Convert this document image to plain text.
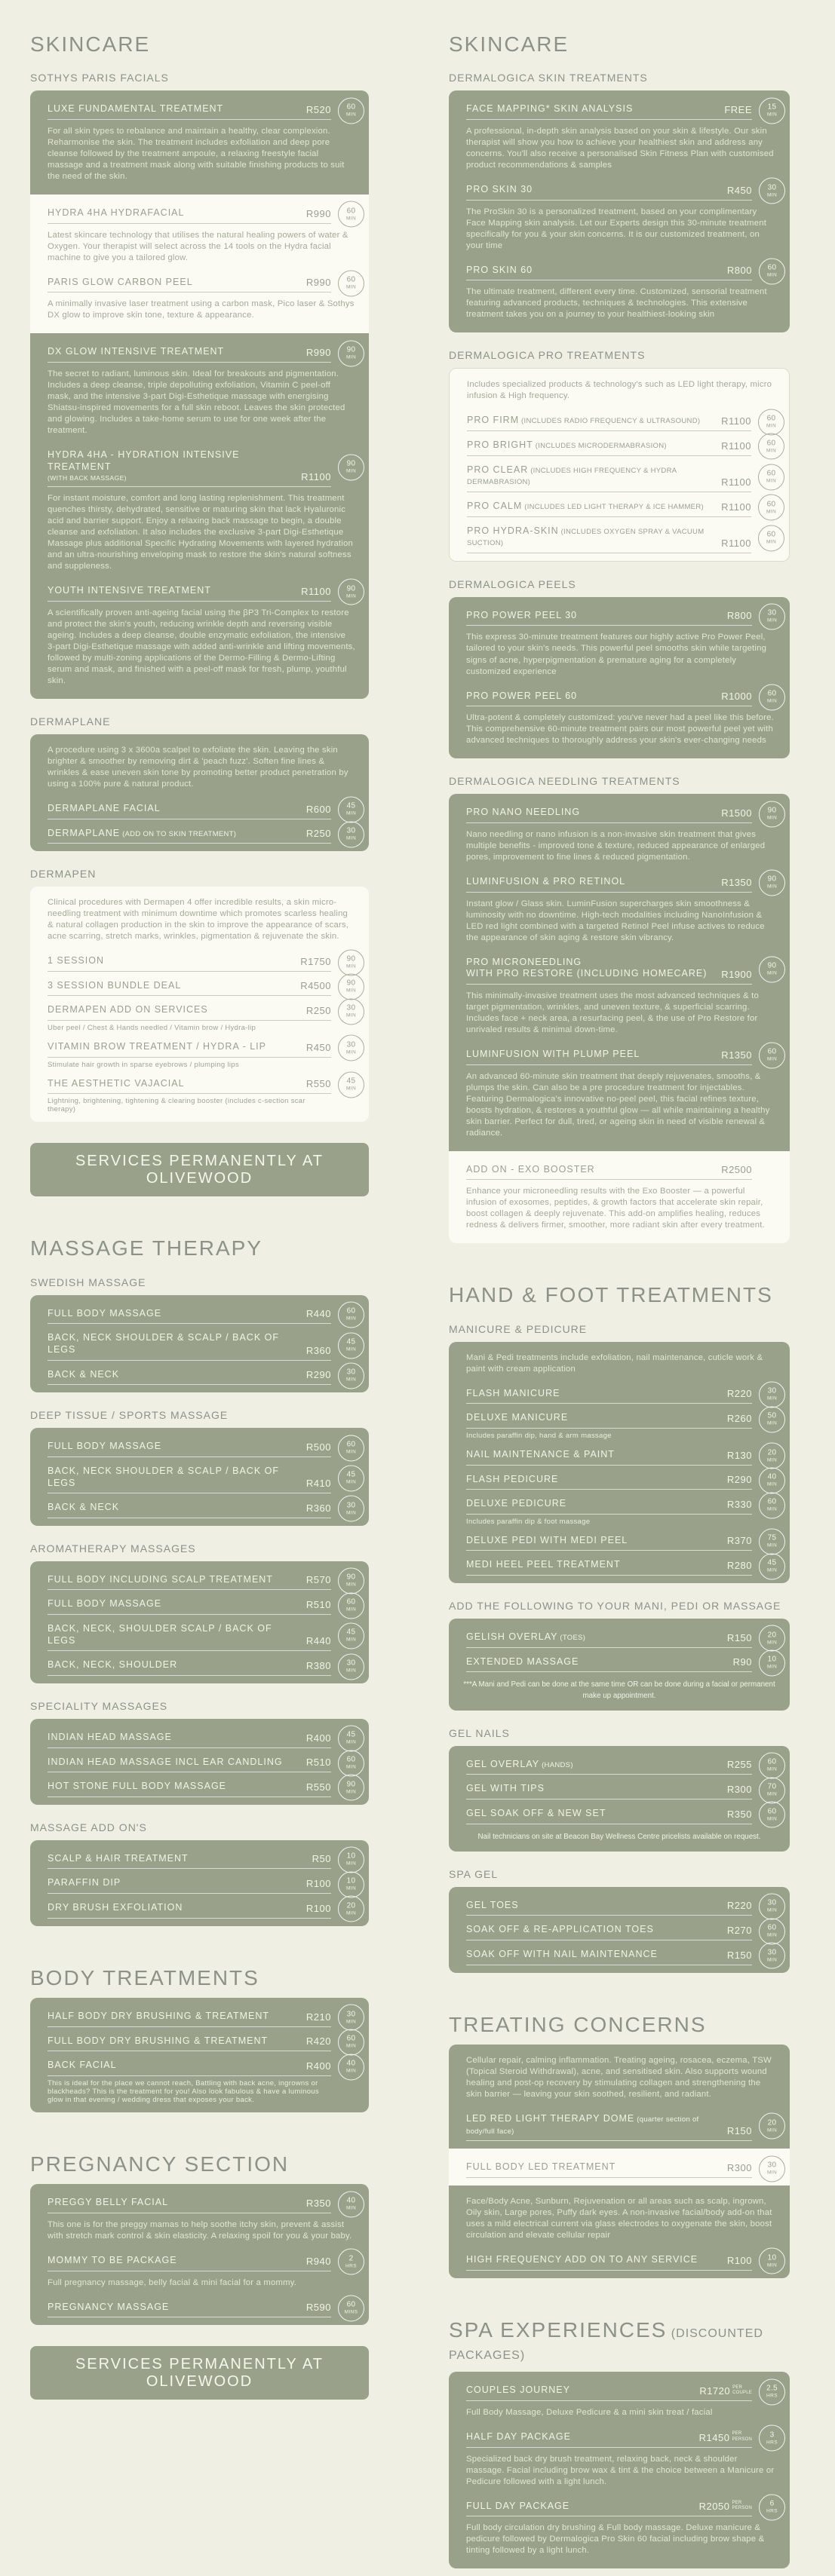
SKINCARE
SOTHYS PARIS FACIALS
LUXE FUNDAMENTAL TREATMENT	R520 60
MIN

For all skin types to rebalance and maintain a healthy, clear complexion. Reharmonise the skin. The treatment includes exfoliation and deep pore cleanse followed by the treatment ampoule, a relaxing freestyle facial massage and a treatment mask along with suitable finishing products to suit the need of the skin.

HYDRA 4HA HYDRAFACIAL	R990 60
MIN

Latest skincare technology that utilises the natural healing powers of water & Oxygen. Your therapist will select across the 14 tools on the Hydra facial machine to give you a tailored glow.

PARIS GLOW CARBON PEEL	R990 60
MIN

A minimally invasive laser treatment using a carbon mask, Pico laser & Sothys DX glow to improve skin tone, texture & appearance.

DX GLOW INTENSIVE TREATMENT	R990 90
MIN

The secret to radiant, luminous skin. Ideal for breakouts and pigmentation. Includes a deep cleanse, triple depolluting exfoliation, Vitamin C peel-off mask, and the intensive 3-part Digi-Esthetique massage with energising Shiatsu-inspired movements for a full skin reboot. Leaves the skin protected and glowing. Includes a take-home serum to use for one week after the treatment.

HYDRA 4HA - HYDRATION INTENSIVE TREATMENT
(WITH BACK MASSAGE)	R1100
90
MIN

For instant moisture, comfort and long lasting replenishment. This treatment quenches thirsty, dehydrated, sensitive or maturing skin that lack Hyaluronic acid and barrier support. Enjoy a relaxing back massage to begin, a double cleanse and exfoliation. It also includes the exclusive 3-part Digi-Esthetique Massage plus additional Specific Hydrating Movements with layered hydration and an ultra-nourishing enveloping mask to restore the skin's natural softness and suppleness.

YOUTH INTENSIVE TREATMENT	R1100 90
MIN

A scientifically proven anti-ageing facial using the βP3 Tri-Complex to restore and protect the skin's youth, reducing wrinkle depth and reversing visible ageing. Includes a deep cleanse, double enzymatic exfoliation, the intensive 3-part Digi-Esthetique massage with added anti-wrinkle and lifting movements, followed by multi-zoning applications of the Dermo-Filling & Dermo-Lifting serum and mask, and finished with a peel-off mask for fresh, plump, youthful skin.

DERMAPLANE

A procedure using 3 x 3600a scalpel to exfoliate the skin. Leaving the skin brighter & smoother by removing dirt & 'peach fuzz'. Soften fine lines & wrinkles & ease uneven skin tone by promoting better product penetration by using a 100% pure & natural product.

DERMAPLANE FACIAL	R600 45
MIN
DERMAPLANE (ADD ON TO SKIN TREATMENT)	R250 30
MIN
DERMAPEN

Clinical procedures with Dermapen 4 offer incredible results, a skin micro- needling treatment with minimum downtime which promotes scarless healing & natural collagen production in the skin to improve the appearance of scars, acne scarring, stretch marks, wrinkles, pigmentation & rejuvenate the skin.

1 SESSION	R1750 90
MIN
3 SESSION BUNDLE DEAL	R4500 90
MIN
DERMAPEN ADD ON SERVICES	R250 30
MIN
Uber peel / Chest & Hands needled / Vitamin brow / Hydra-lip
VITAMIN BROW TREATMENT / HYDRA - LIP	R450 30
MIN
Stimulate hair growth in sparse eyebrows / plumping lips
THE AESTHETIC VAJACIAL	R550 45
MIN
Lightning, brightening, tightening & clearing booster (includes c-section scar therapy)
SERVICES PERMANENTLY AT OLIVEWOOD
MASSAGE THERAPY
SWEDISH MASSAGE
FULL BODY MASSAGE	R440 60
MIN
BACK, NECK SHOULDER & SCALP / BACK OF LEGS	R360
45
MIN
BACK & NECK	R290 30
MIN
DEEP TISSUE / SPORTS MASSAGE
FULL BODY MASSAGE	R500 60
MIN
BACK, NECK SHOULDER & SCALP / BACK OF LEGS	R410
45
MIN
BACK & NECK	R360 30
MIN
AROMATHERAPY MASSAGES
FULL BODY INCLUDING SCALP TREATMENT	R570 90
MIN
FULL BODY MASSAGE	R510 60
MIN
BACK, NECK, SHOULDER SCALP / BACK OF LEGS	R440
45
MIN
BACK, NECK, SHOULDER	R380 30
MIN
SPECIALITY MASSAGES
INDIAN HEAD MASSAGE	R400 45
MIN
INDIAN HEAD MASSAGE INCL EAR CANDLING R510 60
MIN
HOT STONE FULL BODY MASSAGE	R550 90
MIN
MASSAGE ADD ON'S
SCALP & HAIR TREATMENT	R50 10
MIN
PARAFFIN DIP	R100 10
MIN
DRY BRUSH EXFOLIATION	R100 20
MIN
BODY TREATMENTS
HALF BODY DRY BRUSHING & TREATMENT	R210 30
MIN
FULL BODY DRY BRUSHING & TREATMENT	R420 60
MIN
BACK FACIAL	R400 40
MIN
This is ideal for the place we cannot reach, Battling with back acne, ingrowns or blackheads? This is the treatment for you! Also look fabulous & have a luminous glow in that evening / wedding dress that exposes your back.
PREGNANCY SECTION
PREGGY BELLY FACIAL	R350 40
MIN

This one is for the preggy mamas to help soothe itchy skin, prevent & assist with stretch mark control & skin elasticity. A relaxing spoil for you & your baby.

MOMMY TO BE PACKAGE	R940 2
HRS

Full pregnancy massage, belly facial & mini facial for a mommy.

PREGNANCY MASSAGE	R590 60
MINS
SERVICES PERMANENTLY AT OLIVEWOOD
SKINCARE
DERMALOGICA SKIN TREATMENTS
FACE MAPPING* SKIN ANALYSIS	FREE 15
MIN

A professional, in-depth skin analysis based on your skin & lifestyle. Our skin therapist will show you how to achieve your healthiest skin and address any concerns. You'll also receive a personalised Skin Fitness Plan with customised product recommendations & samples

PRO SKIN 30	R450 30
MIN

The ProSkin 30 is a personalized treatment, based on your complimentary Face Mapping skin analysis. Let our Experts design this 30-minute treatment specifically for you & your skin concerns. It is our customized treatment, on your time

PRO SKIN 60	R800 60
MIN

The ultimate treatment, different every time. Customized, sensorial treatment featuring advanced products, techniques & technologies. This extensive treatment takes you on a journey to your healthiest-looking skin

DERMALOGICA PRO TREATMENTS

Includes specialized products & technology's such as LED light therapy, micro infusion & High frequency.

PRO FIRM (INCLUDES RADIO FREQUENCY & ULTRASOUND) R1100 60
MIN
PRO BRIGHT (INCLUDES MICRODERMABRASION)	R1100 60
MIN
PRO CLEAR (INCLUDES HIGH FREQUENCY & HYDRA DERMABRASION)	R1100
60
MIN
PRO CALM (INCLUDES LED LIGHT THERAPY & ICE HAMMER) R1100 60
MIN
PRO HYDRA-SKIN (INCLUDES OXYGEN SPRAY & VACUUM SUCTION)	R1100
60
MIN
DERMALOGICA PEELS
PRO POWER PEEL 30	R800 30
MIN

This express 30-minute treatment features our highly active Pro Power Peel, tailored to your skin's needs. This powerful peel smooths skin while targeting signs of acne, hyperpigmentation & premature aging for a completely customized experience

PRO POWER PEEL 60	R1000 60
MIN

Ultra-potent & completely customized: you've never had a peel like this before. This comprehensive 60-minute treatment pairs our most powerful peel yet with advanced techniques to thoroughly address your skin's ever-changing needs

DERMALOGICA NEEDLING TREATMENTS
PRO NANO NEEDLING	R1500 90
MIN

Nano needling or nano infusion is a non-invasive skin treatment that gives multiple benefits - improved tone & texture, reduced appearance of enlarged pores, improvement to fine lines & reduced pigmentation.

LUMINFUSION & PRO RETINOL	R1350 90
MIN

Instant glow / Glass skin. LuminFusion supercharges skin smoothness & luminosity with no downtime. High-tech modalities including NanoInfusion & LED red light combined with a targeted Retinol Peel infuse actives to reduce the appearance of skin aging & restore skin vibrancy.

PRO MICRONEEDLING
WITH PRO RESTORE (INCLUDING HOMECARE) R1900
90
MIN

This minimally-invasive treatment uses the most advanced techniques & to target pigmentation, wrinkles, and uneven texture, & superficial scarring. Includes face + neck area, a resurfacing peel, & the use of Pro Restore for unrivaled results & minimal down-time.

LUMINFUSION WITH PLUMP PEEL	R1350 60
MIN

An advanced 60-minute skin treatment that deeply rejuvenates, smooths, & plumps the skin. Can also be a pre procedure treatment for injectables. Featuring Dermalogica's innovative no-peel peel, this facial refines texture, boosts hydration, & restores a youthful glow — all while maintaining a healthy skin barrier. Perfect for dull, tired, or ageing skin in need of visible renewal & radiance.

ADD ON - EXO BOOSTER	R2500

Enhance your microneedling results with the Exo Booster — a powerful infusion of exosomes, peptides, & growth factors that accelerate skin repair, boost collagen & deeply rejuvenate. This add-on amplifies healing, reduces redness & delivers firmer, smoother, more radiant skin after every treatment.

HAND & FOOT TREATMENTS
MANICURE & PEDICURE

Mani & Pedi treatments include exfoliation, nail maintenance, cuticle work & paint with cream application

FLASH MANICURE	R220 30
MIN
DELUXE MANICURE	R260 50
MIN
Includes paraffin dip, hand & arm massage
NAIL MAINTENANCE & PAINT	R130 20
MIN
FLASH PEDICURE	R290 40
MIN
DELUXE PEDICURE	R330 60
MIN
Includes paraffin dip & foot massage
DELUXE PEDI WITH MEDI PEEL	R370 75
MIN
MEDI HEEL PEEL TREATMENT	R280 45
MIN
ADD THE FOLLOWING TO YOUR MANI, PEDI OR MASSAGE
GELISH OVERLAY (TOES)	R150 20
MIN
EXTENDED MASSAGE	R90 10
MIN

***A Mani and Pedi can be done at the same time OR can be done during a facial or permanent make up appointment.

GEL NAILS
GEL OVERLAY (HANDS)	R255 60
MIN
GEL WITH TIPS	R300 70
MIN
GEL SOAK OFF & NEW SET	R350 60
MIN

Nail technicians on site at Beacon Bay Wellness Centre pricelists available on request.

SPA GEL
GEL TOES	R220 30
MIN
SOAK OFF & RE-APPLICATION TOES	R270 60
MIN
SOAK OFF WITH NAIL MAINTENANCE	R150 30
MIN
TREATING CONCERNS

Cellular repair, calming inflammation. Treating ageing, rosacea, eczema, TSW (Topical Steroid Withdrawal), acne, and sensitised skin. Also supports wound healing and post-op recovery by stimulating collagen and strengthening the skin barrier — leaving your skin soothed, resilient, and radiant.

LED RED LIGHT THERAPY DOME (quarter section of body/full face)	R150
20
MIN
FULL BODY LED TREATMENT	R300 30
MIN

Face/Body Acne, Sunburn, Rejuvenation or all areas such as scalp, ingrown, Oily skin, Large pores, Puffy dark eyes. A non-invasive facial/body add-on that uses a mild electrical current via glass electrodes to oxygenate the skin, boost circulation and elevate cellular repair

HIGH FREQUENCY ADD ON TO ANY SERVICE	R100 10
MIN
SPA EXPERIENCES (DISCOUNTED PACKAGES)
COUPLES JOURNEY	R1720 PER
COUPLE
2.5
HRS

Full Body Massage, Deluxe Pedicure & a mini skin treat / facial

HALF DAY PACKAGE	R1450 PER
PERSON
3
HRS

Specialized back dry brush treatment, relaxing back, neck & shoulder massage. Facial including brow wax & tint & the choice between a Manicure or Pedicure followed with a light lunch.

FULL DAY PACKAGE	R2050 PER
PERSON
6
HRS

Full body circulation dry brushing & Full body massage. Deluxe manicure & pedicure followed by Dermalogica Pro Skin 60 facial including brow shape & tinting followed by a light lunch.
